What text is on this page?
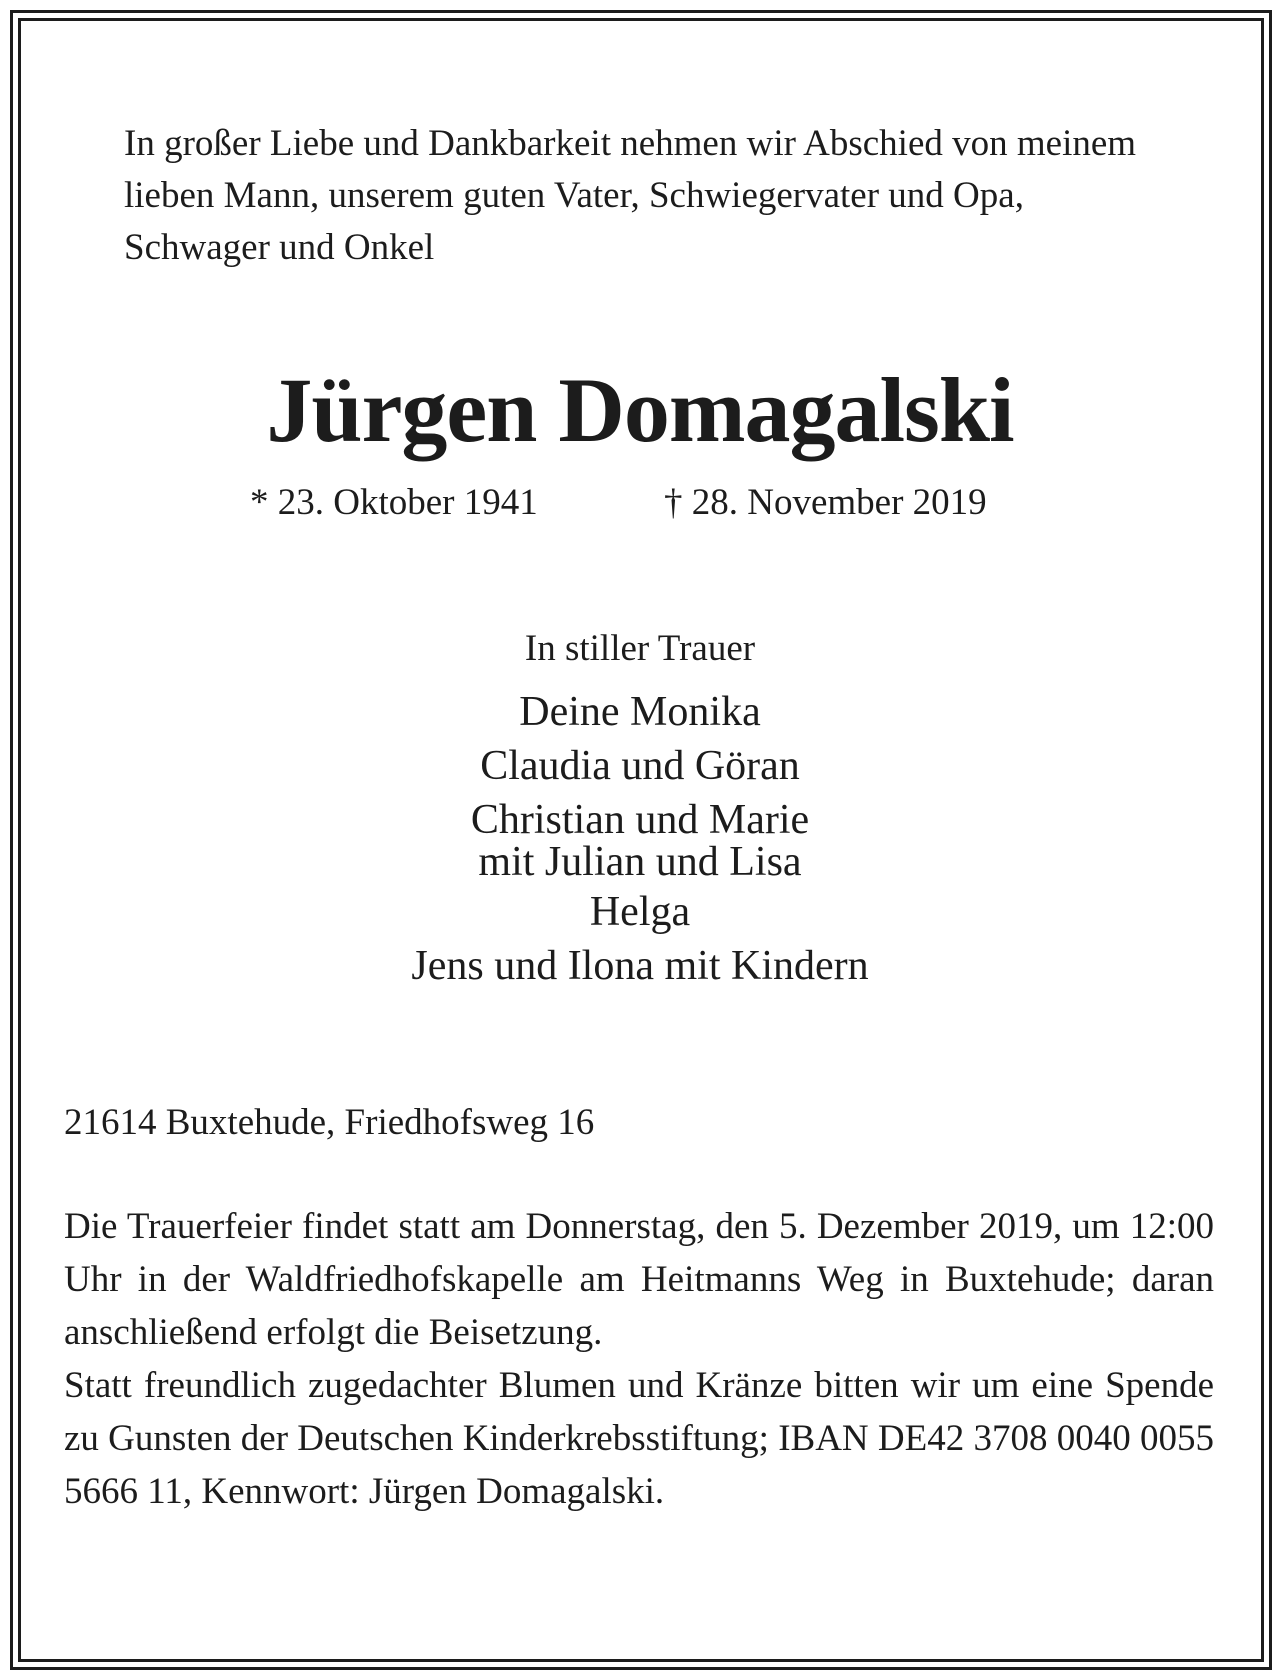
In großer Liebe und Dankbarkeit nehmen wir Abschied von meinem
lieben Mann, unserem guten Vater, Schwiegervater und Opa,
Schwager und Onkel
Jürgen Domagalski
* 23. Oktober 1941	† 28. November 2019
In stiller Trauer
Deine Monika
Claudia und Göran
Christian und Marie
mit Julian und Lisa
Helga
Jens und Ilona mit Kindern
21614 Buxtehude, Friedhofsweg 16

Die Trauerfeier findet statt am Donnerstag, den 5. Dezember 2019, um 12:00 Uhr in der Waldfriedhofskapelle am Heitmanns Weg in Buxtehude; daran anschließend erfolgt die Beisetzung.

Statt freundlich zugedachter Blumen und Kränze bitten wir um eine Spende zu Gunsten der Deutschen Kinderkrebsstiftung; IBAN DE42 3708 0040 0055 5666 11, Kennwort: Jürgen Domagalski.
